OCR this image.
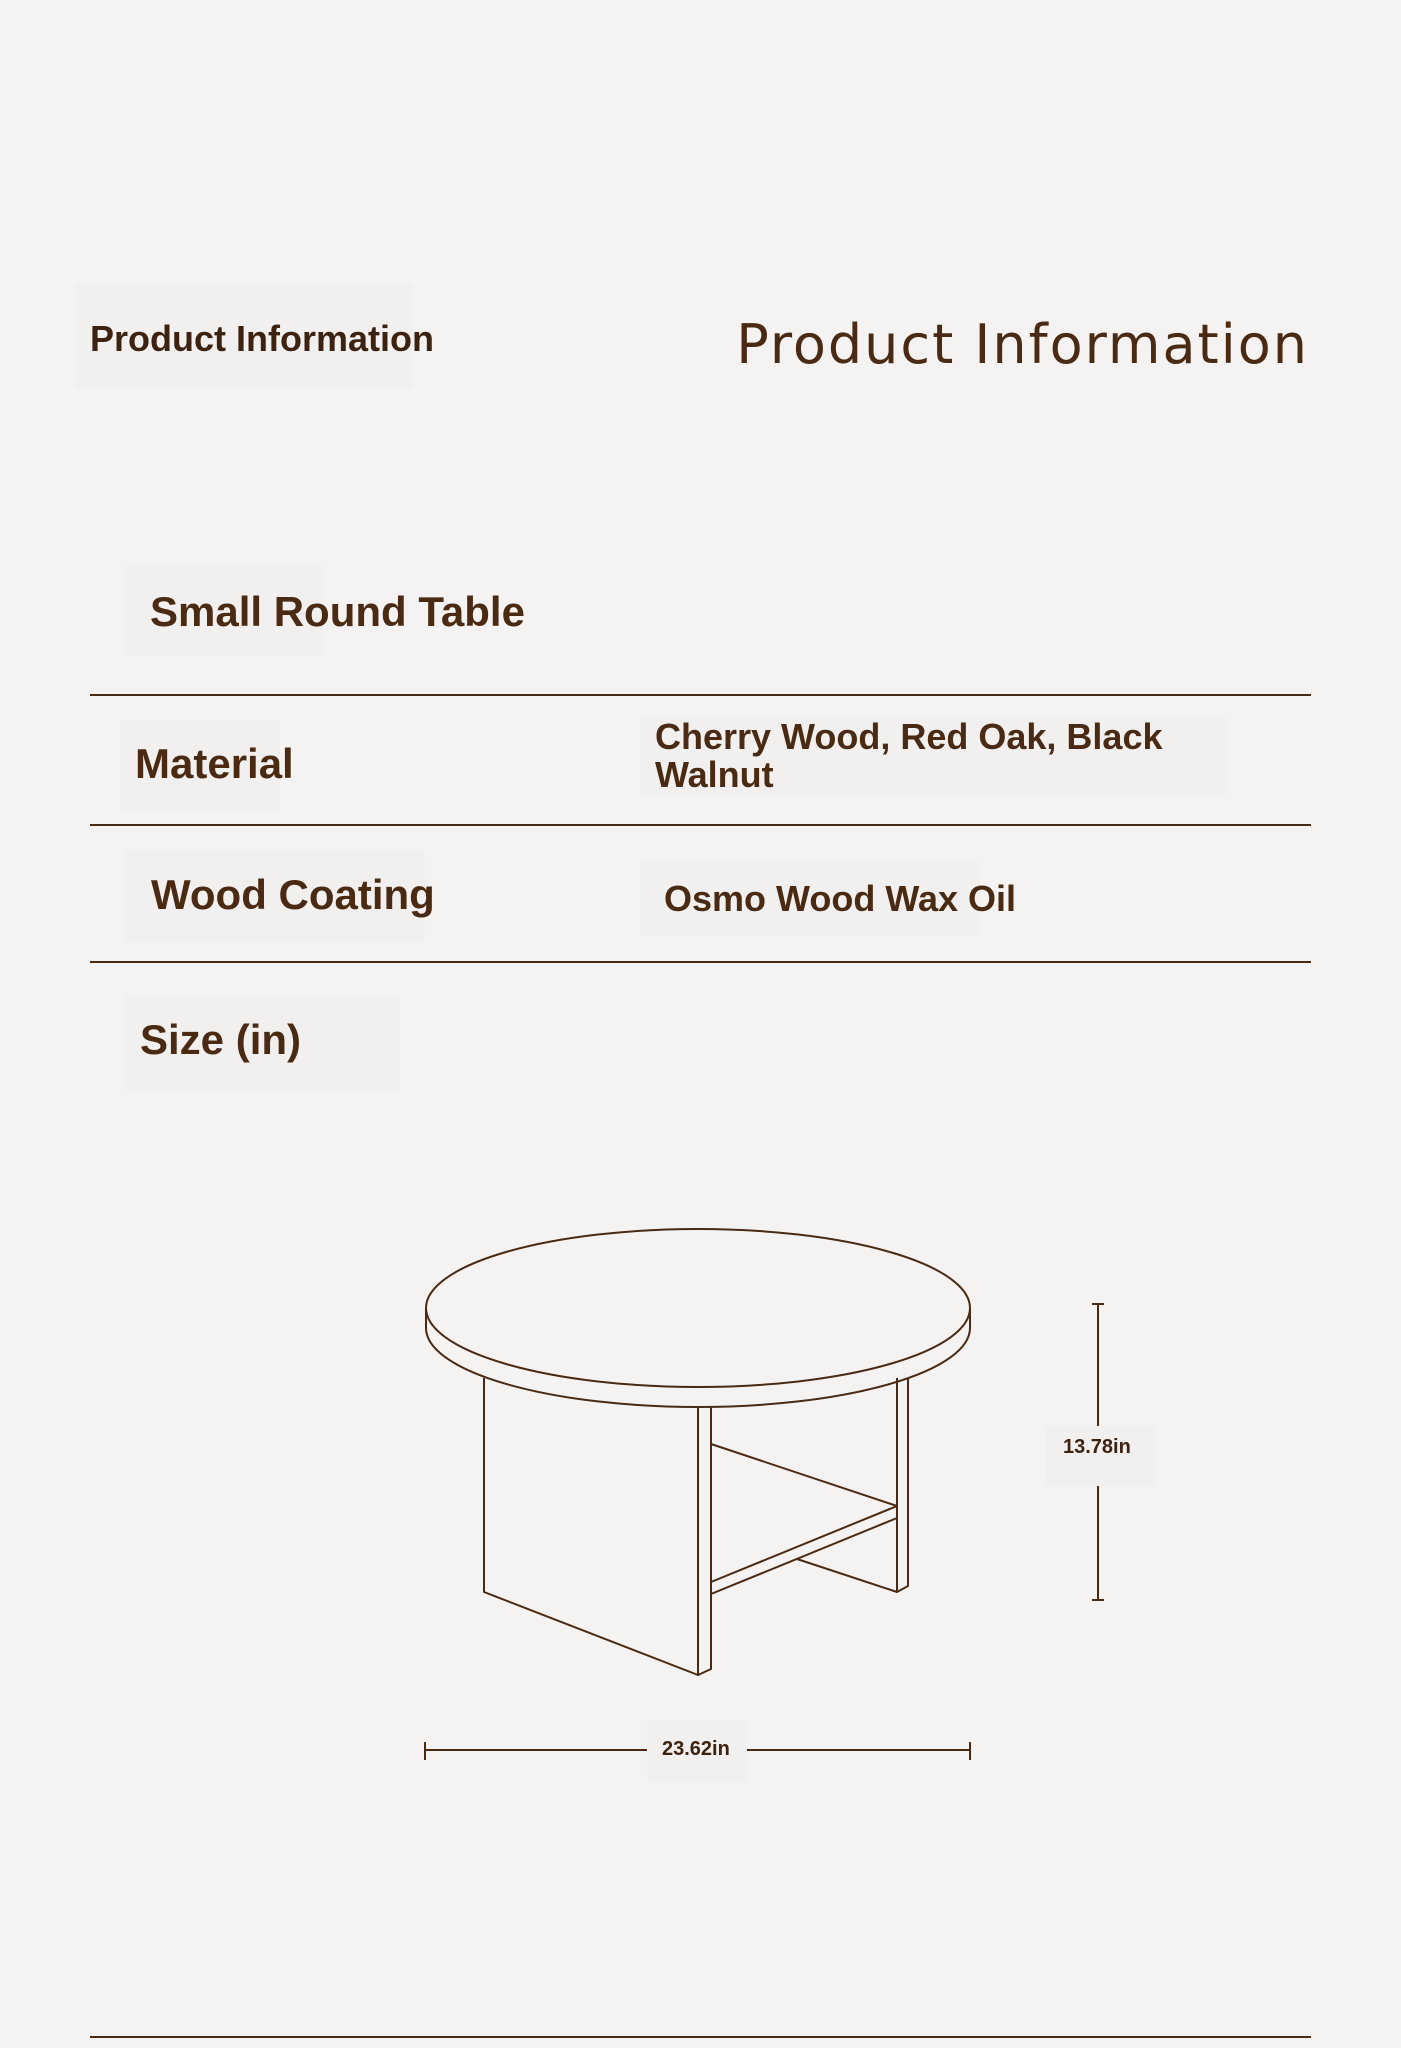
Product Information	Product Information
Small Round Table
Material
Cherry Wood, Red Oak, Black
Walnut
Wood Coating	Osmo Wood Wax Oil
Size (in)
13.78in
23.62in
